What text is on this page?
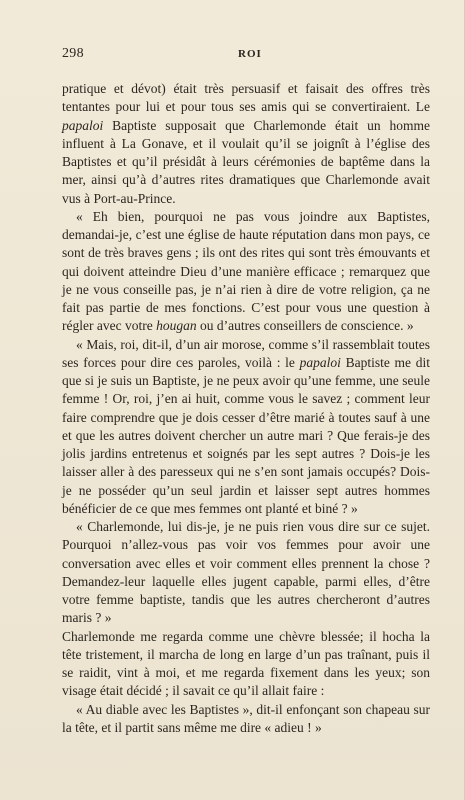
298	ROI

pratique et dévot) était très persuasif et faisait des offres très tentantes pour lui et pour tous ses amis qui se convertiraient. Le papaloi Baptiste supposait que Charlemonde était un homme influent à La Gonave, et il voulait qu’il se joignît à l’église des Baptistes et qu’il présidât à leurs cérémonies de baptême dans la mer, ainsi qu’à d’autres rites dramatiques que Charlemonde avait vus à Port-au-Prince.

« Eh bien, pourquoi ne pas vous joindre aux Baptistes, demandai-je, c’est une église de haute réputation dans mon pays, ce sont de très braves gens ; ils ont des rites qui sont très émouvants et qui doivent atteindre Dieu d’une manière efficace ; remarquez que je ne vous conseille pas, je n’ai rien à dire de votre religion, ça ne fait pas partie de mes fonctions. C’est pour vous une question à régler avec votre hougan ou d’autres conseillers de conscience. »

« Mais, roi, dit-il, d’un air morose, comme s’il rassemblait toutes ses forces pour dire ces paroles, voilà : le papaloi Baptiste me dit que si je suis un Baptiste, je ne peux avoir qu’une femme, une seule femme ! Or, roi, j’en ai huit, comme vous le savez ; comment leur faire comprendre que je dois cesser d’être marié à toutes sauf à une et que les autres doivent chercher un autre mari ? Que ferais-je des jolis jardins entretenus et soignés par les sept autres ? Dois-je les laisser aller à des paresseux qui ne s’en sont jamais occupés? Dois-je ne posséder qu’un seul jardin et laisser sept autres hommes bénéficier de ce que mes femmes ont planté et biné ? »

« Charlemonde, lui dis-je, je ne puis rien vous dire sur ce sujet. Pourquoi n’allez-vous pas voir vos femmes pour avoir une conversation avec elles et voir comment elles prennent la chose ? Demandez-leur laquelle elles jugent capable, parmi elles, d’être votre femme baptiste, tandis que les autres chercheront d’autres maris ? »

Charlemonde me regarda comme une chèvre blessée; il hocha la tête tristement, il marcha de long en large d’un pas traînant, puis il se raidit, vint à moi, et me regarda fixement dans les yeux; son visage était décidé ; il savait ce qu’il allait faire :

« Au diable avec les Baptistes », dit-il enfonçant son chapeau sur la tête, et il partit sans même me dire « adieu ! »
